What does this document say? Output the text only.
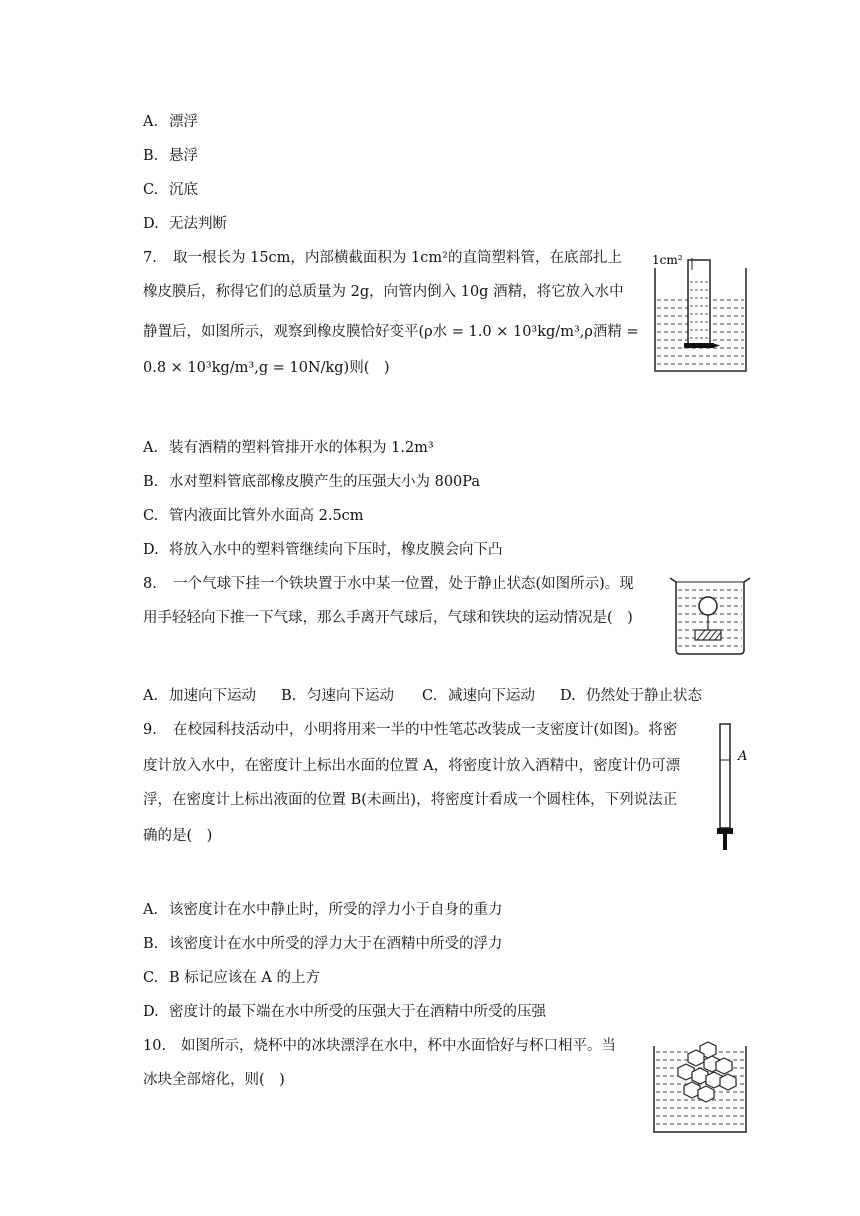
A. 漂浮
B. 悬浮
C. 沉底
D. 无法判断
7. 取一根长为 15cm，内部横截面积为 1cm²的直筒塑料管，在底部扎上
橡皮膜后，称得它们的总质量为 2g，向管内倒入 10g 酒精，将它放入水中
静置后，如图所示，观察到橡皮膜恰好变平(ρ水 = 1.0 × 10³kg/m³,ρ酒精 =
0.8 × 10³kg/m³,g = 10N/kg)则(　)
1cm²
A. 装有酒精的塑料管排开水的体积为 1.2m³
B. 水对塑料管底部橡皮膜产生的压强大小为 800Pa
C. 管内液面比管外水面高 2.5cm
D. 将放入水中的塑料管继续向下压时，橡皮膜会向下凸
8. 一个气球下挂一个铁块置于水中某一位置，处于静止状态(如图所示)。现
用手轻轻向下推一下气球，那么手离开气球后，气球和铁块的运动情况是(　)
A. 加速向下运动 B. 匀速向下运动 C. 减速向下运动 D. 仍然处于静止状态
9. 在校园科技活动中，小明将用来一半的中性笔芯改装成一支密度计(如图)。将密
度计放入水中，在密度计上标出水面的位置 A，将密度计放入酒精中，密度计仍可漂
浮，在密度计上标出液面的位置 B(未画出)，将密度计看成一个圆柱体，下列说法正
确的是(　)
A
A. 该密度计在水中静止时，所受的浮力小于自身的重力
B. 该密度计在水中所受的浮力大于在酒精中所受的浮力
C. B 标记应该在 A 的上方
D. 密度计的最下端在水中所受的压强大于在酒精中所受的压强
10. 如图所示，烧杯中的冰块漂浮在水中，杯中水面恰好与杯口相平。当
冰块全部熔化，则(　)
